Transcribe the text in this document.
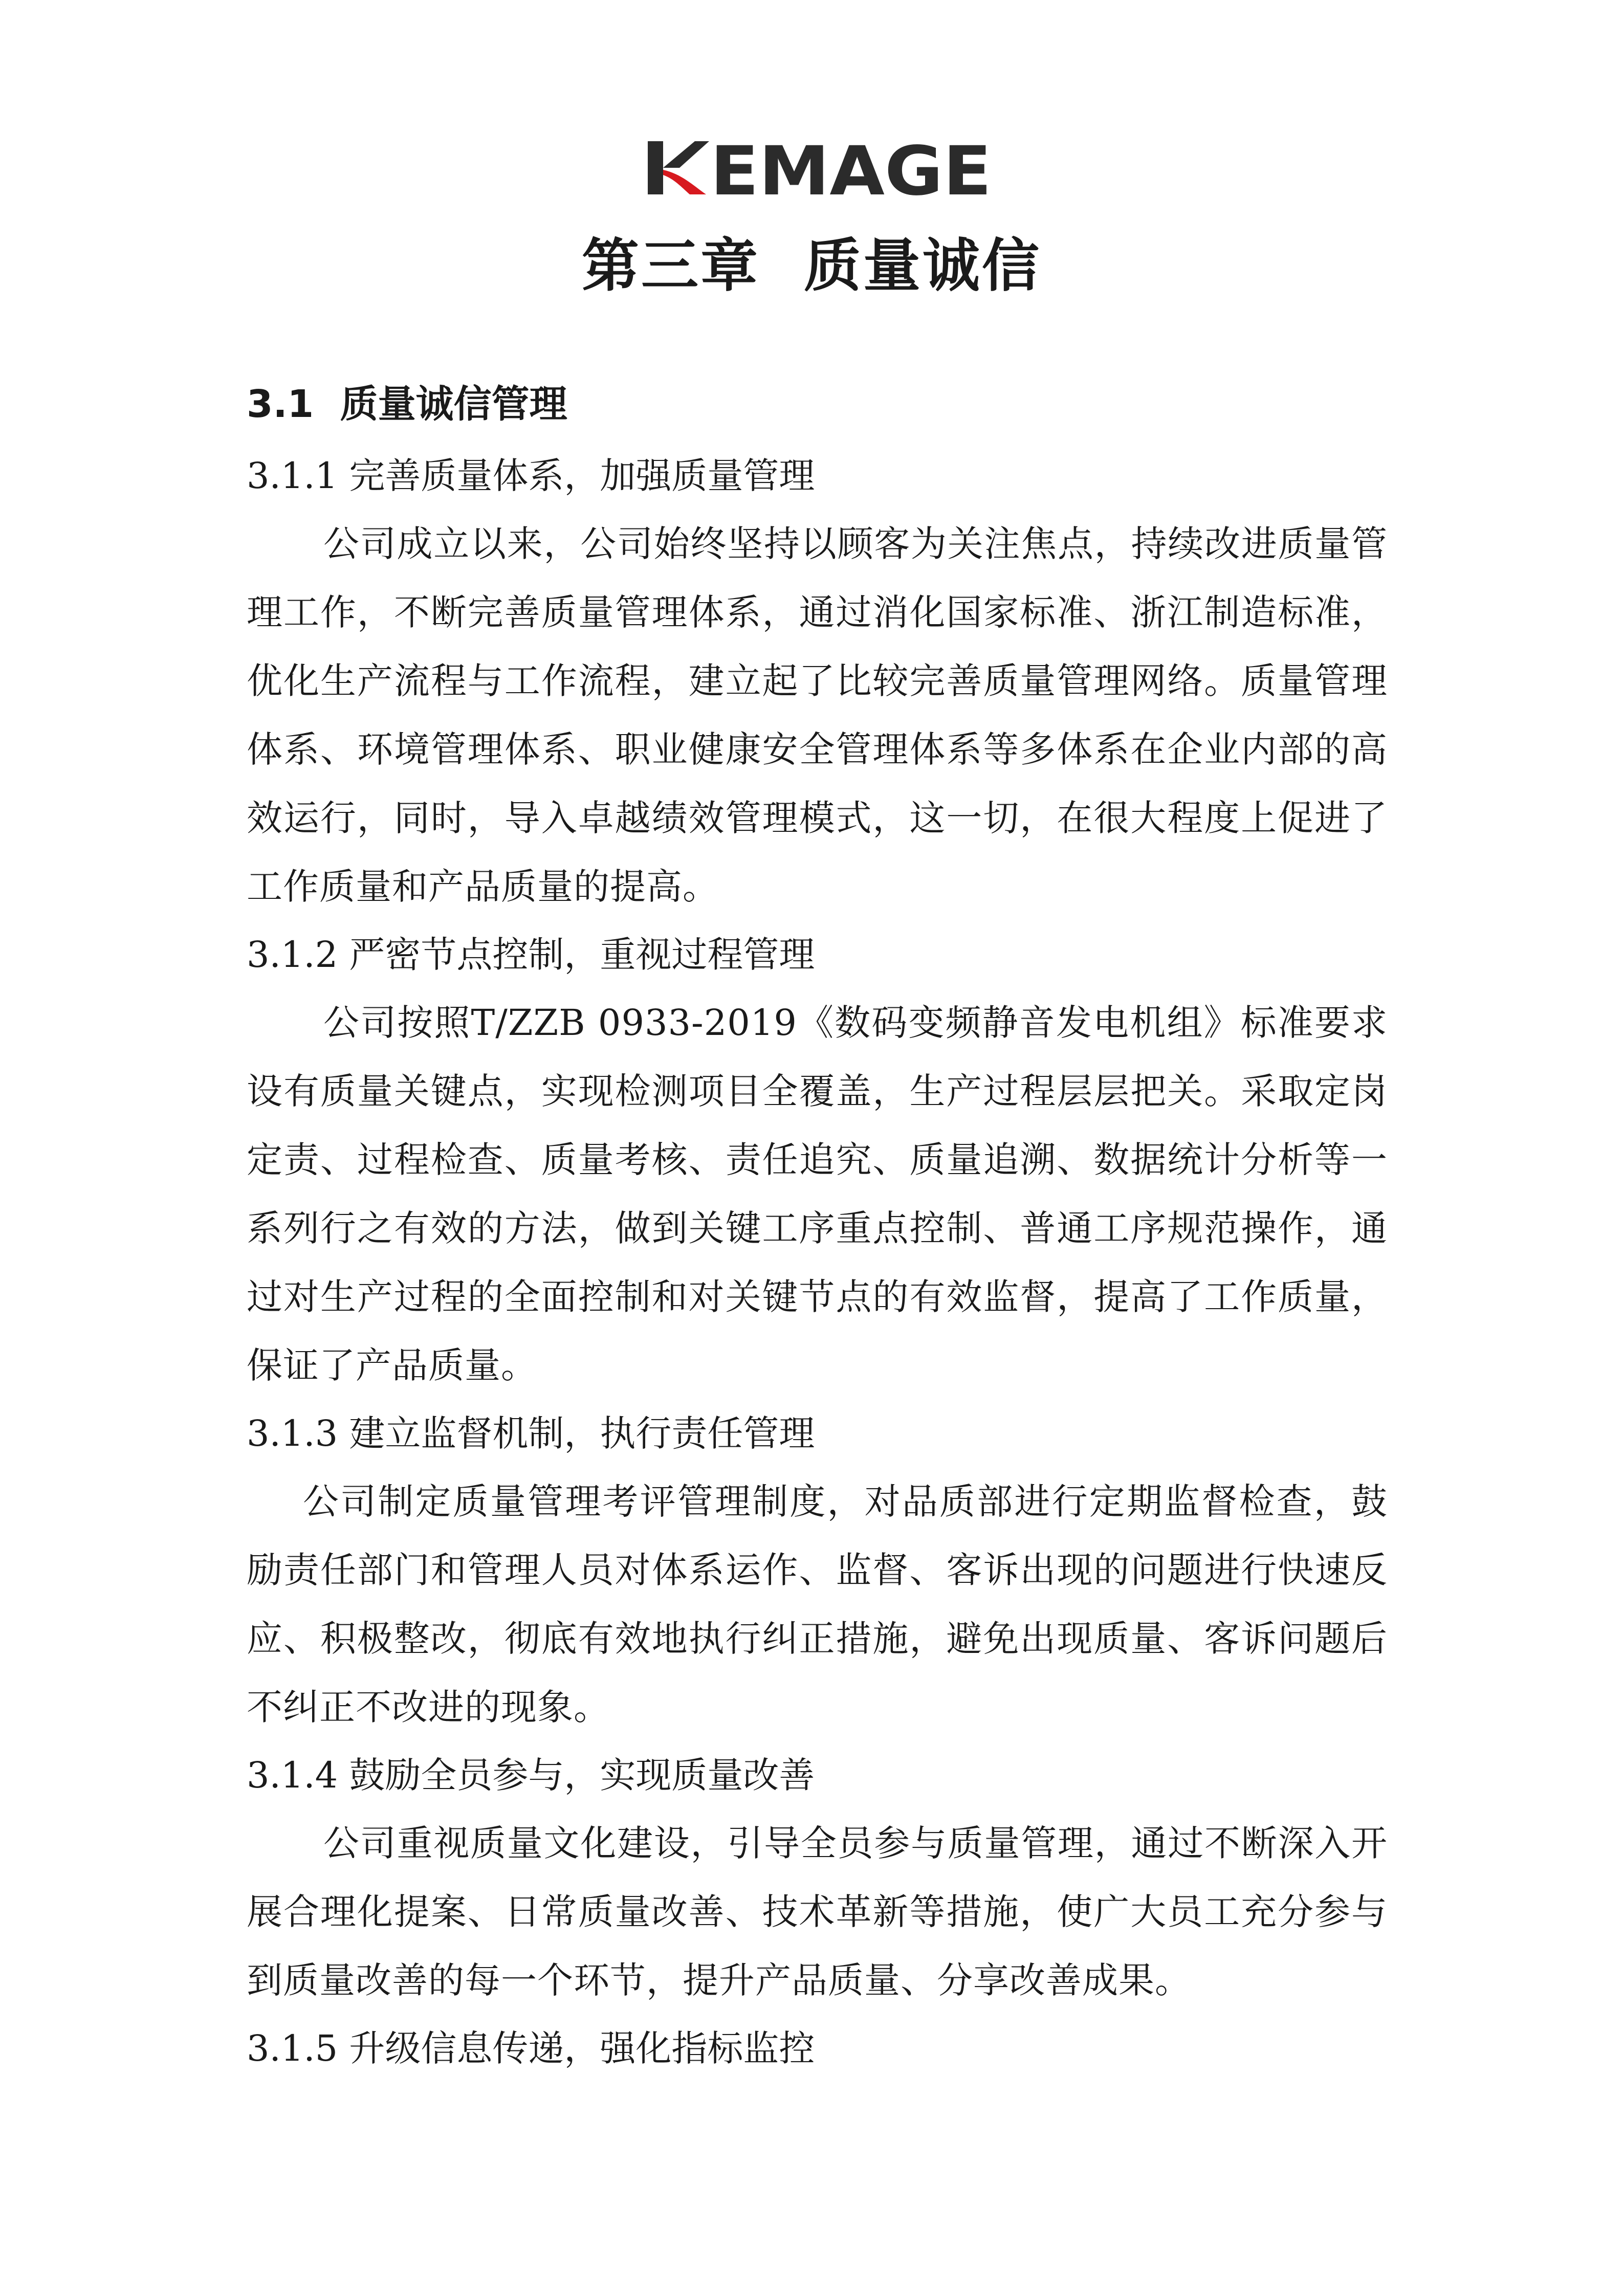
EMAGE
第三章  质量诚信
3.1  质量诚信管理
3.1.1 完善质量体系，加强质量管理

公司成立以来，公司始终坚持以顾客为关注焦点，持续改进质量管理工作，不断完善质量管理体系，通过消化国家标准、浙江制造标准，优化生产流程与工作流程，建立起了比较完善质量管理网络。质量管理体系、环境管理体系、职业健康安全管理体系等多体系在企业内部的高效运行，同时，导入卓越绩效管理模式，这一切，在很大程度上促进了工作质量和产品质量的提高。

3.1.2 严密节点控制，重视过程管理

公司按照T/ZZB 0933-2019《数码变频静音发电机组》标准要求设有质量关键点，实现检测项目全覆盖，生产过程层层把关。采取定岗定责、过程检查、质量考核、责任追究、质量追溯、数据统计分析等一系列行之有效的方法，做到关键工序重点控制、普通工序规范操作，通过对生产过程的全面控制和对关键节点的有效监督，提高了工作质量，保证了产品质量。

3.1.3 建立监督机制，执行责任管理

公司制定质量管理考评管理制度，对品质部进行定期监督检查，鼓励责任部门和管理人员对体系运作、监督、客诉出现的问题进行快速反应、积极整改，彻底有效地执行纠正措施，避免出现质量、客诉问题后不纠正不改进的现象。

3.1.4 鼓励全员参与，实现质量改善

公司重视质量文化建设，引导全员参与质量管理，通过不断深入开展合理化提案、日常质量改善、技术革新等措施，使广大员工充分参与到质量改善的每一个环节，提升产品质量、分享改善成果。

3.1.5 升级信息传递，强化指标监控
